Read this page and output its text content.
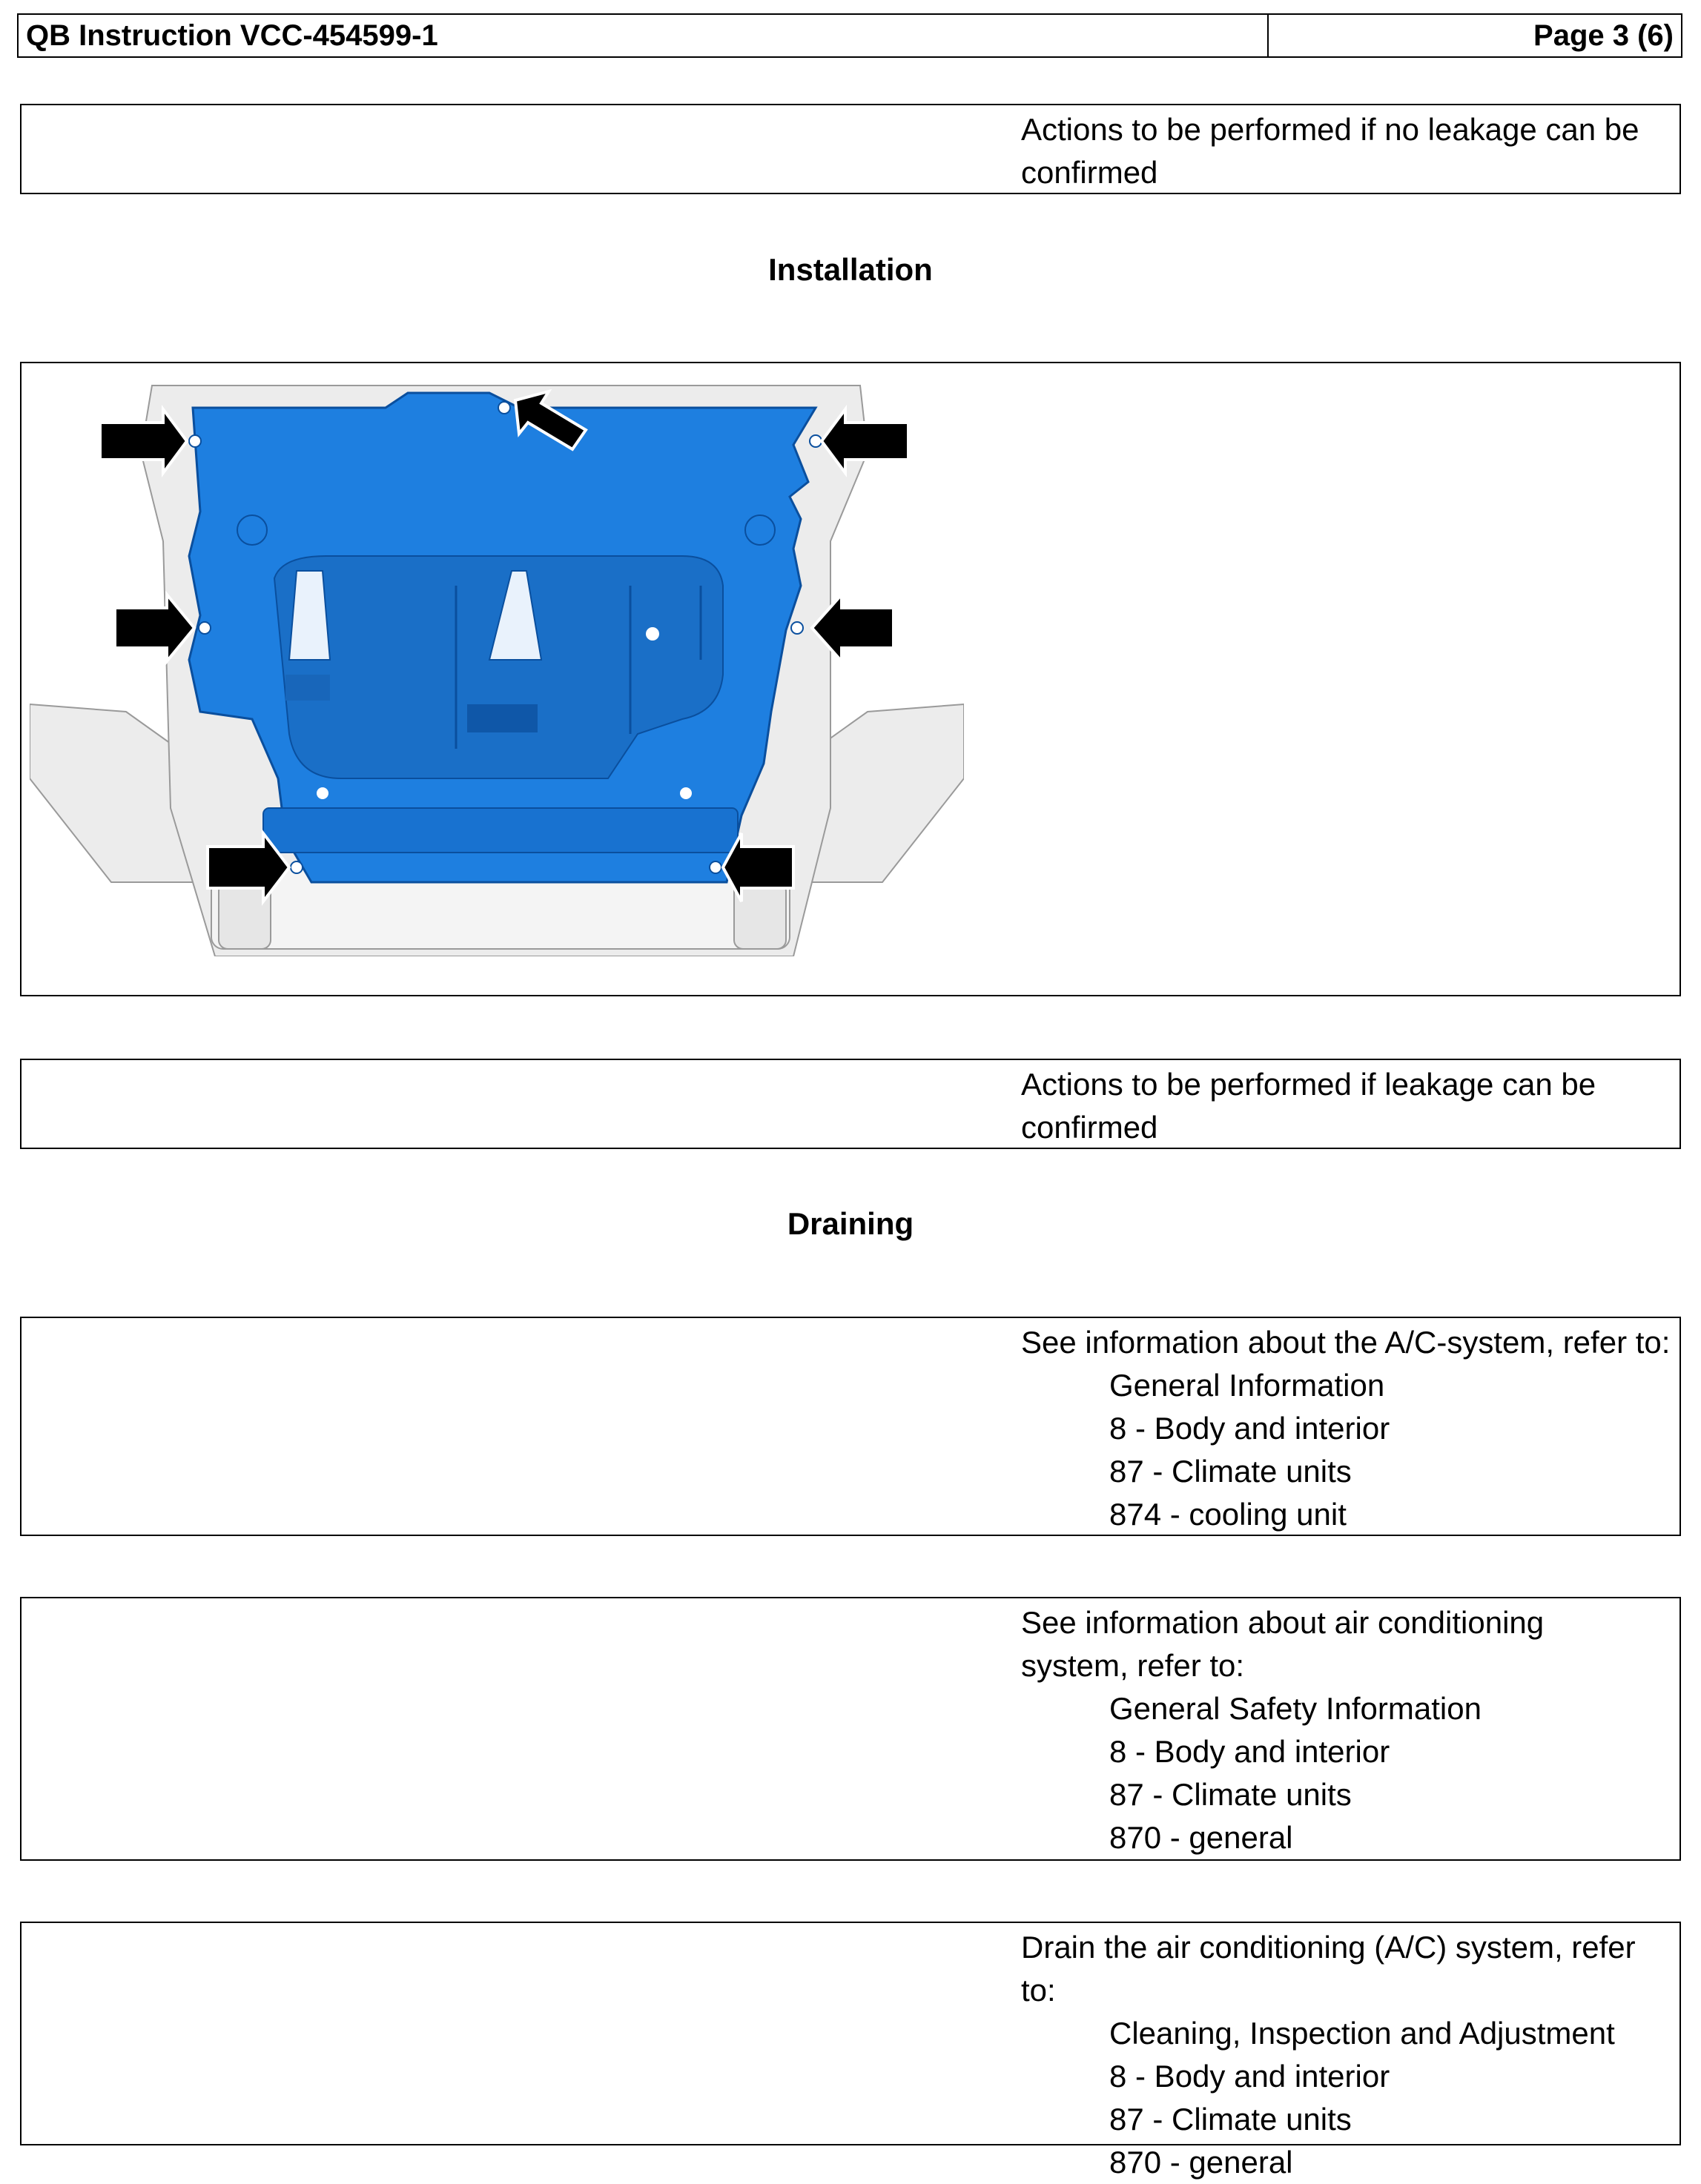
QB Instruction VCC-454599-1	Page 3 (6)
Actions to be performed if no leakage can be
confirmed
Installation
Actions to be performed if leakage can be
confirmed
Draining
See information about the A/C-system, refer to:
General Information
8 - Body and interior
87 - Climate units
874 - cooling unit
See information about air conditioning
system, refer to:
General Safety Information
8 - Body and interior
87 - Climate units
870 - general
Drain the air conditioning (A/C) system, refer to:
Cleaning, Inspection and Adjustment
8 - Body and interior
87 - Climate units
870 - general
